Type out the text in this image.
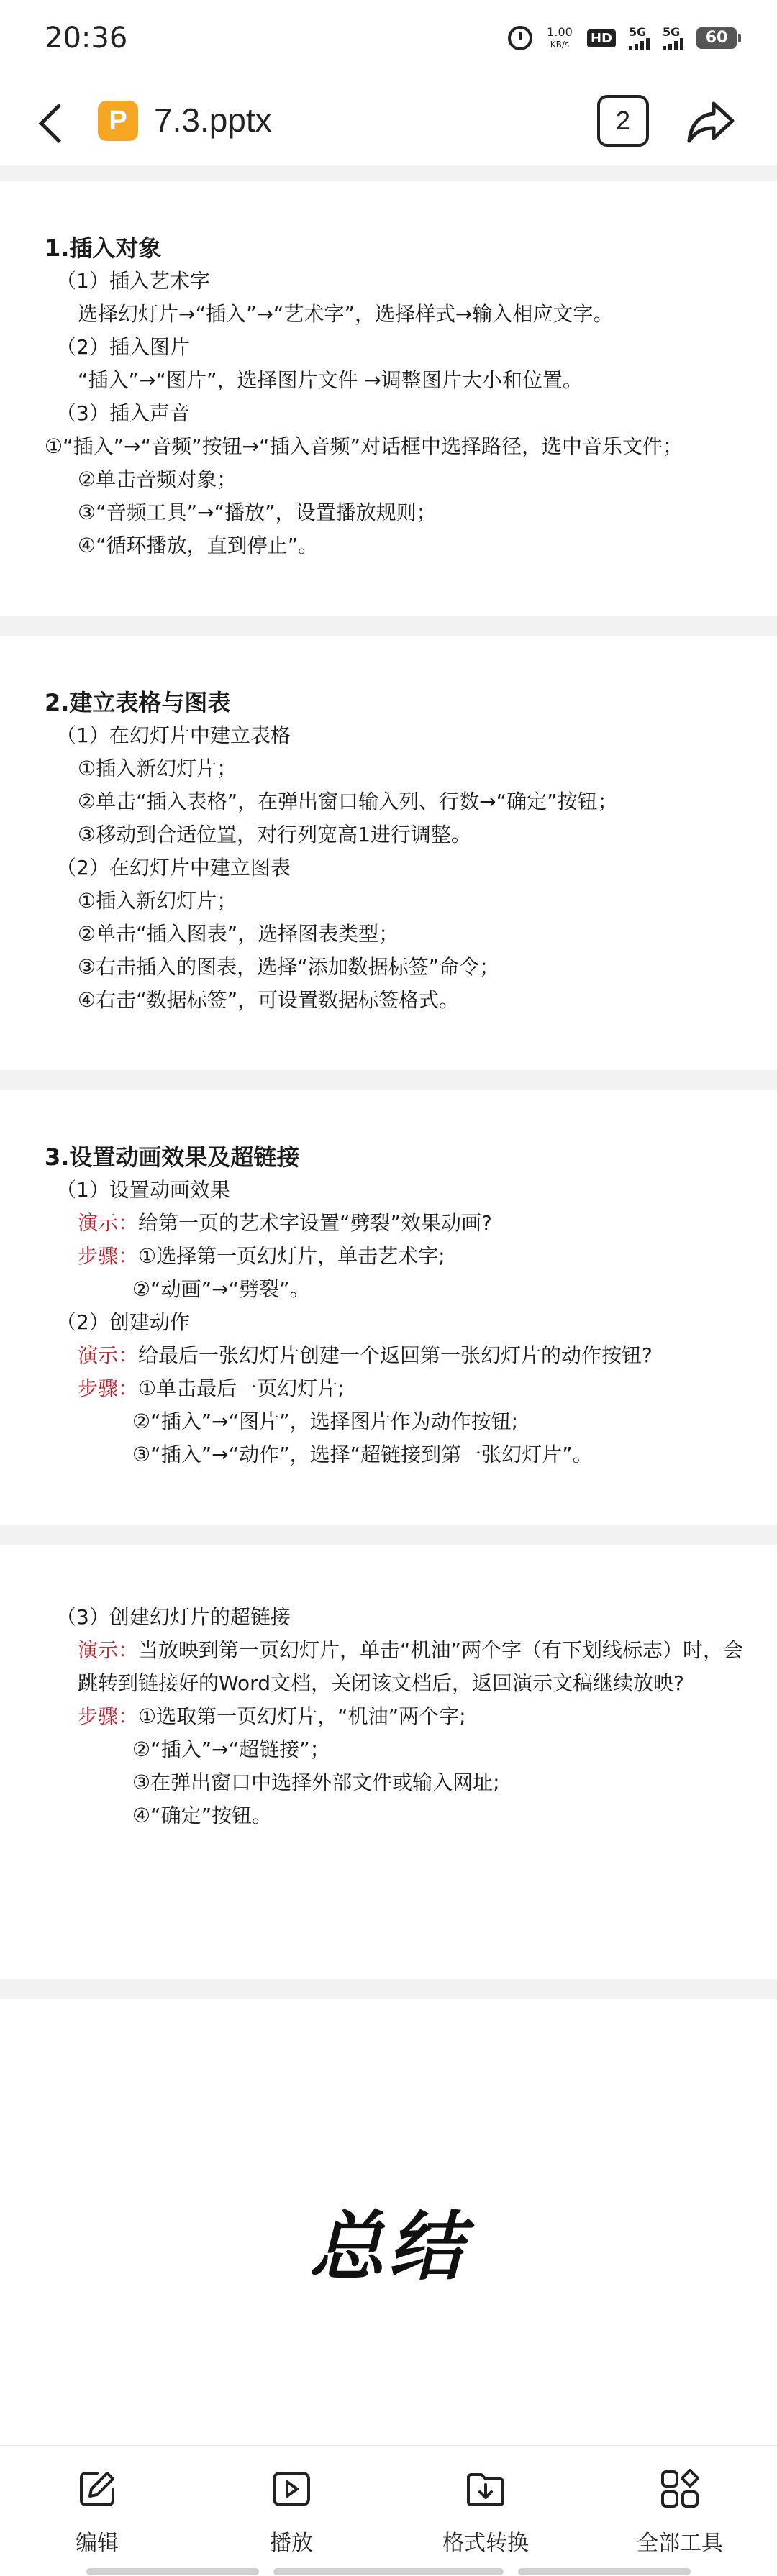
20:36	1.00
KB/s	HD	5G 5G	60
P 7.3.pptx	2
1.插入对象
（1）插入艺术字
选择幻灯片→“插入”→“艺术字”，选择样式→输入相应文字。
（2）插入图片
“插入”→“图片”，选择图片文件 →调整图片大小和位置。
（3）插入声音
①“插入”→“音频”按钮→“插入音频”对话框中选择路径，选中音乐文件；
②单击音频对象；
③“音频工具”→“播放”，设置播放规则；
④“循环播放，直到停止”。
2.建立表格与图表
（1）在幻灯片中建立表格
①插入新幻灯片；
②单击“插入表格”，在弹出窗口输入列、行数→“确定”按钮；
③移动到合适位置，对行列宽高1进行调整。
（2）在幻灯片中建立图表
①插入新幻灯片；
②单击“插入图表”，选择图表类型；
③右击插入的图表，选择“添加数据标签”命令；
④右击“数据标签”，可设置数据标签格式。
3.设置动画效果及超链接
（1）设置动画效果
演示：给第一页的艺术字设置“劈裂”效果动画?
步骤：①选择第一页幻灯片，单击艺术字;
②“动画”→“劈裂”。
（2）创建动作
演示：给最后一张幻灯片创建一个返回第一张幻灯片的动作按钮?
步骤：①单击最后一页幻灯片;
②“插入”→“图片”，选择图片作为动作按钮;
③“插入”→“动作”，选择“超链接到第一张幻灯片”。
（3）创建幻灯片的超链接
演示：当放映到第一页幻灯片，单击“机油”两个字（有下划线标志）时，会 跳转到链接好的Word文档，关闭该文档后，返回演示文稿继续放映?
步骤：①选取第一页幻灯片，“机油”两个字;
②“插入”→“超链接”；
③在弹出窗口中选择外部文件或输入网址;
④“确定”按钮。
总结
编辑	播放	格式转换	全部工具
